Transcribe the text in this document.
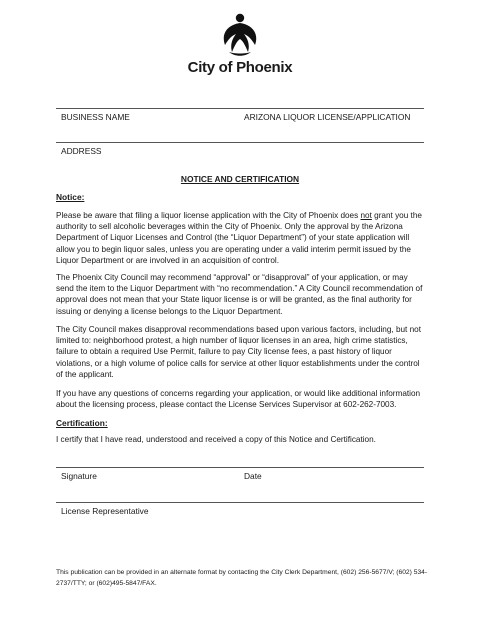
City of Phoenix
BUSINESS NAME	ARIZONA LIQUOR LICENSE/APPLICATION
ADDRESS
NOTICE AND CERTIFICATION
Notice:

Please be aware that filing a liquor license application with the City of Phoenix does not grant you the authority to sell alcoholic beverages within the City of Phoenix. Only the approval by the Arizona Department of Liquor Licenses and Control (the “Liquor Department”) of your state application will allow you to begin liquor sales, unless you are operating under a valid interim permit issued by the Liquor Department or are involved in an acquisition of control.

The Phoenix City Council may recommend “approval” or “disapproval” of your application, or may send the item to the Liquor Department with “no recommendation.” A City Council recommendation of approval does not mean that your State liquor license is or will be granted, as the final authority for issuing or denying a license belongs to the Liquor Department.

The City Council makes disapproval recommendations based upon various factors, including, but not limited to: neighborhood protest, a high number of liquor licenses in an area, high crime statistics, failure to obtain a required Use Permit, failure to pay City license fees, a past history of liquor violations, or a high volume of police calls for service at other liquor establishments under the control of the applicant.

If you have any questions of concerns regarding your application, or would like additional information about the licensing process, please contact the License Services Supervisor at 602-262-7003.

Certification:

I certify that I have read, understood and received a copy of this Notice and Certification.

Signature	Date
License Representative
This publication can be provided in an alternate format by contacting the City Clerk Department, (602) 256-5677/V; (602) 534-2737/TTY; or (602)495-5847/FAX.
